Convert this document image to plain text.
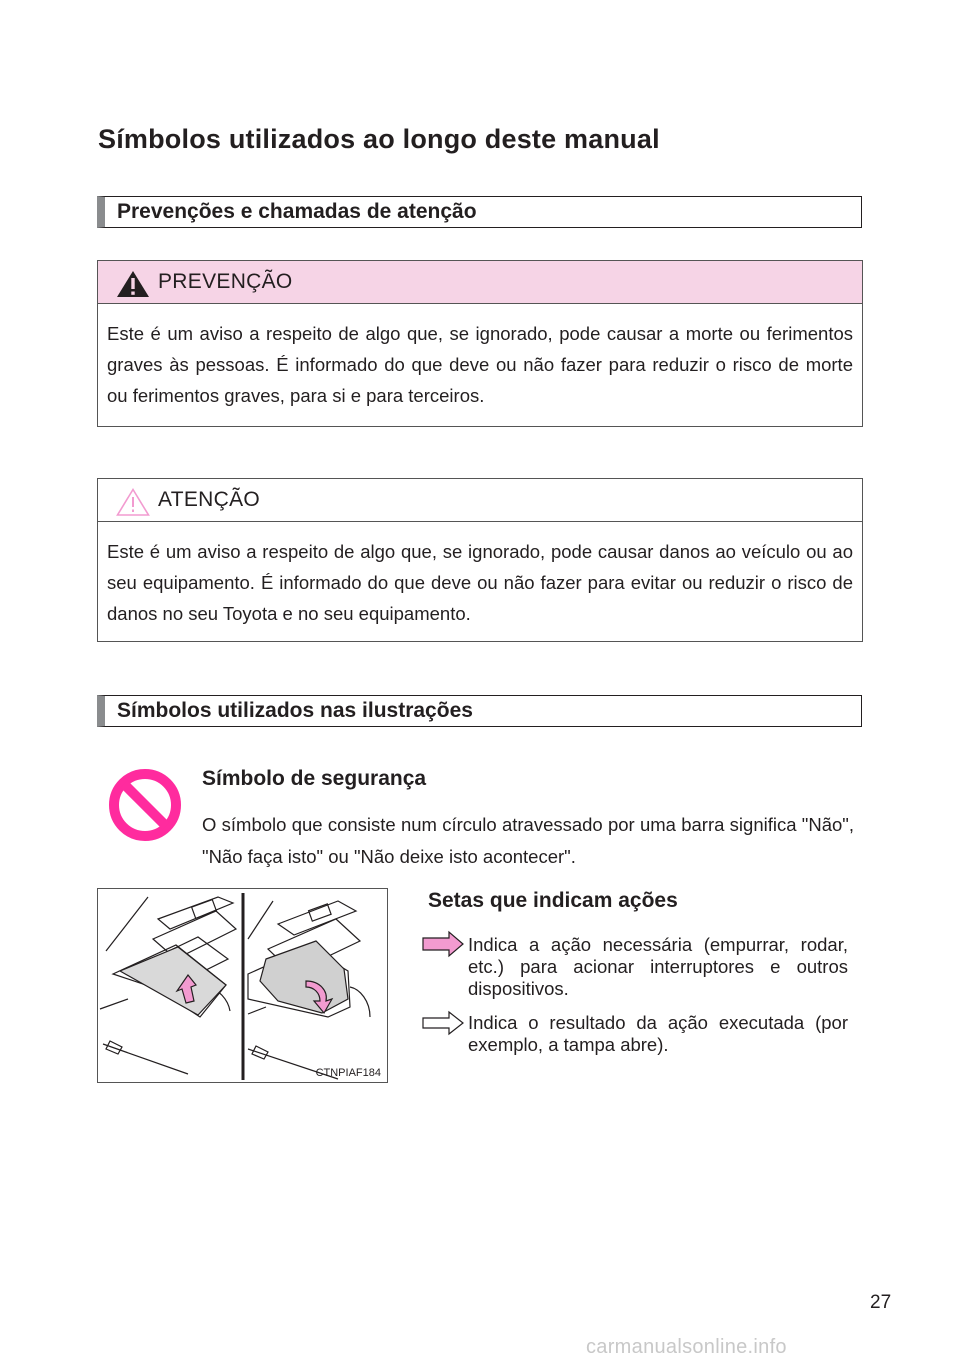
Símbolos utilizados ao longo deste manual
Prevenções e chamadas de atenção
PREVENÇÃO
Este é um aviso a respeito de algo que, se ignorado, pode causar a morte ou ferimentos graves às pessoas. É informado do que deve ou não fazer para reduzir o risco de morte ou ferimentos graves, para si e para terceiros.
ATENÇÃO
Este é um aviso a respeito de algo que, se ignorado, pode causar danos ao veículo ou ao seu equipamento. É informado do que deve ou não fazer para evitar ou reduzir o risco de danos no seu Toyota e no seu equipamento.
Símbolos utilizados nas ilustrações
Símbolo de segurança
O símbolo que consiste num círculo atravessado por uma barra significa "Não", "Não faça isto" ou "Não deixe isto acontecer".
CTNPIAF184
Setas que indicam ações
Indica a ação necessária (empurrar, rodar, etc.) para acionar interruptores e outros dispositivos.
Indica o resultado da ação executada (por exemplo, a tampa abre).
27
carmanualsonline.info
